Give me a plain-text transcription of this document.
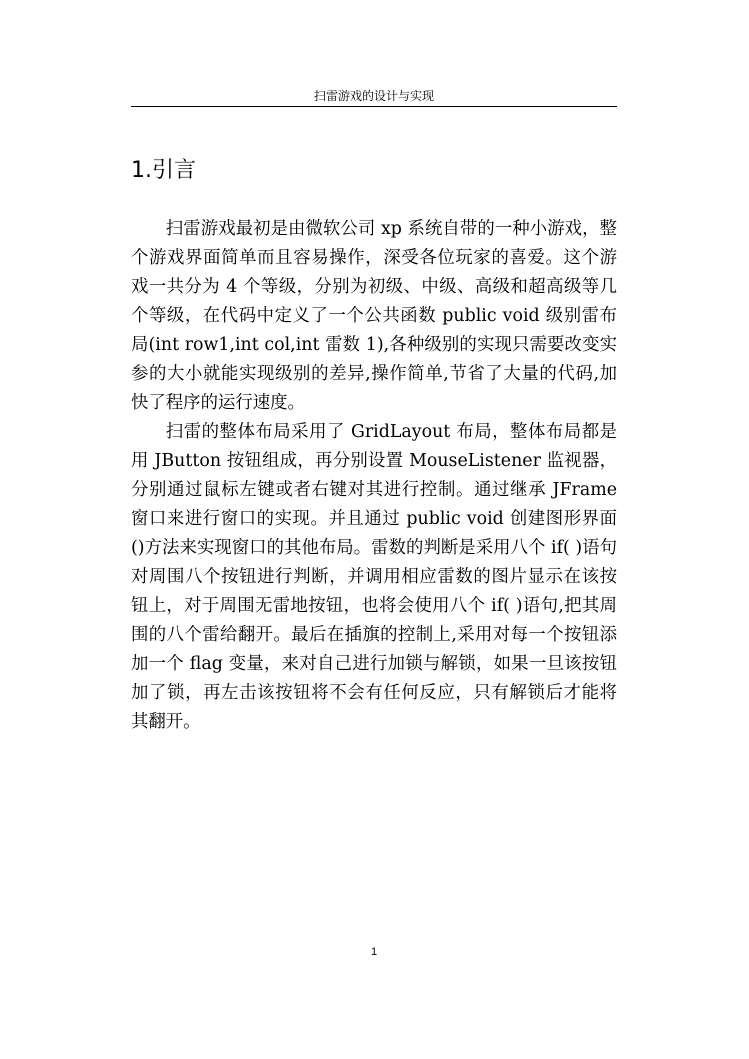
扫雷游戏的设计与实现
1.引言

扫雷游戏最初是由微软公司 xp 系统自带的一种小游戏，整个游戏界面简单而且容易操作，深受各位玩家的喜爱。这个游戏一共分为 4 个等级，分别为初级、中级、高级和超高级等几个等级，在代码中定义了一个公共函数 public void 级别雷布局(int row1,int col,int 雷数 1),各种级别的实现只需要改变实参的大小就能实现级别的差异,操作简单,节省了大量的代码,加快了程序的运行速度。

扫雷的整体布局采用了 GridLayout 布局，整体布局都是用 JButton 按钮组成，再分别设置 MouseListener 监视器，分别通过鼠标左键或者右键对其进行控制。通过继承 JFrame 窗口来进行窗口的实现。并且通过 public void 创建图形界面()方法来实现窗口的其他布局。雷数的判断是采用八个 if( )语句对周围八个按钮进行判断，并调用相应雷数的图片显示在该按钮上，对于周围无雷地按钮，也将会使用八个 if( )语句,把其周围的八个雷给翻开。最后在插旗的控制上,采用对每一个按钮添加一个 flag 变量，来对自己进行加锁与解锁，如果一旦该按钮加了锁，再左击该按钮将不会有任何反应，只有解锁后才能将其翻开。

1
